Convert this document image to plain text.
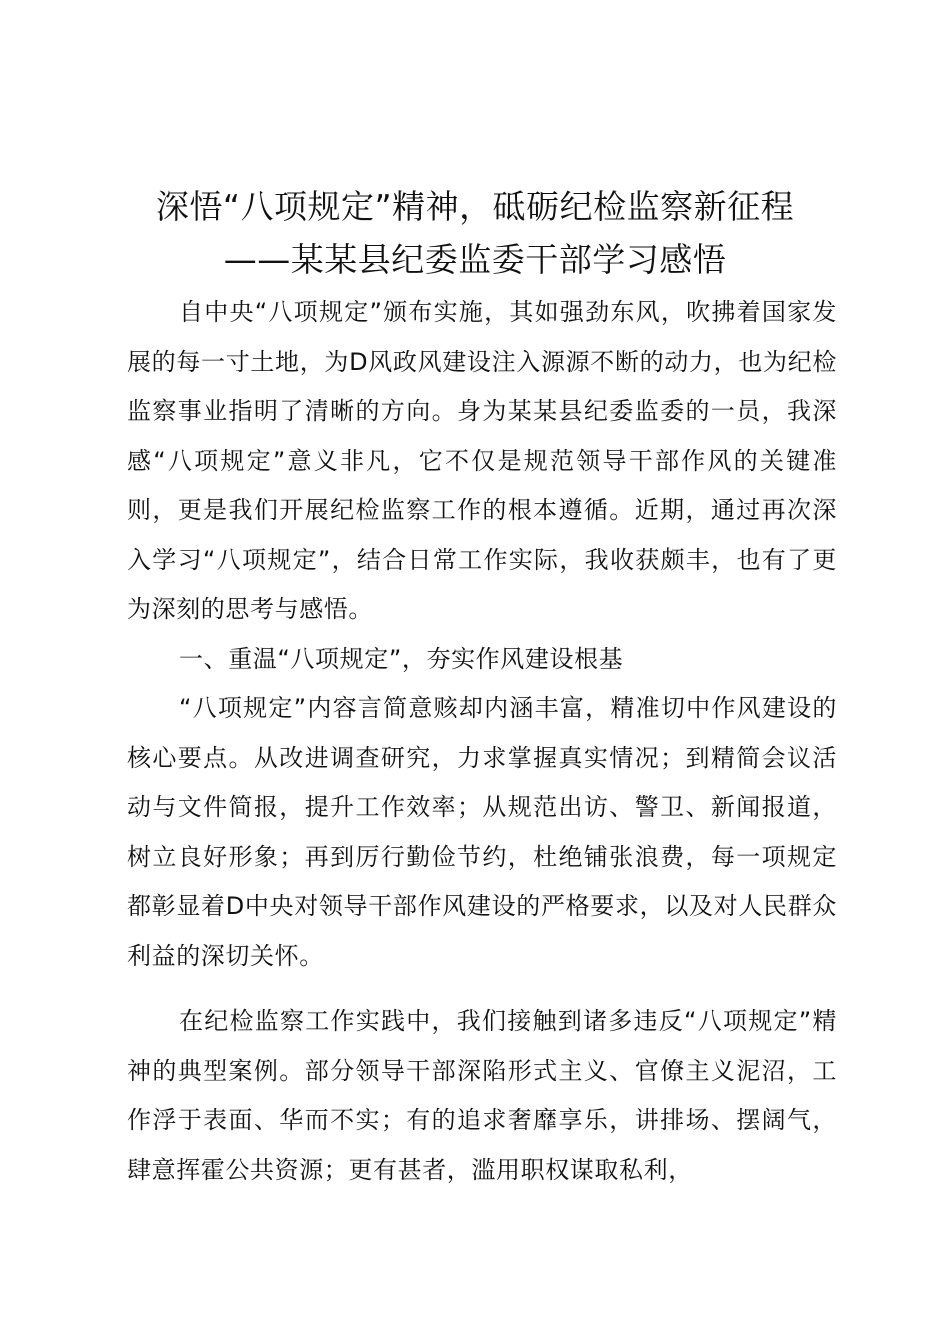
深悟“八项规定”精神，砥砺纪检监察新征程
——某某县纪委监委干部学习感悟

自中央“八项规定”颁布实施，其如强劲东风，吹拂着国家发展的每一寸土地，为D风政风建设注入源源不断的动力，也为纪检监察事业指明了清晰的方向。身为某某县纪委监委的一员，我深感“八项规定”意义非凡，它不仅是规范领导干部作风的关键准则，更是我们开展纪检监察工作的根本遵循。近期，通过再次深入学习“八项规定”，结合日常工作实际，我收获颇丰，也有了更为深刻的思考与感悟。

一、重温“八项规定”，夯实作风建设根基

“八项规定”内容言简意赅却内涵丰富，精准切中作风建设的核心要点。从改进调查研究，力求掌握真实情况；到精简会议活动与文件简报，提升工作效率；从规范出访、警卫、新闻报道，树立良好形象；再到厉行勤俭节约，杜绝铺张浪费，每一项规定都彰显着D中央对领导干部作风建设的严格要求，以及对人民群众利益的深切关怀。

在纪检监察工作实践中，我们接触到诸多违反“八项规定”精神的典型案例。部分领导干部深陷形式主义、官僚主义泥沼，工作浮于表面、华而不实；有的追求奢靡享乐，讲排场、摆阔气，肆意挥霍公共资源；更有甚者，滥用职权谋取私利，
